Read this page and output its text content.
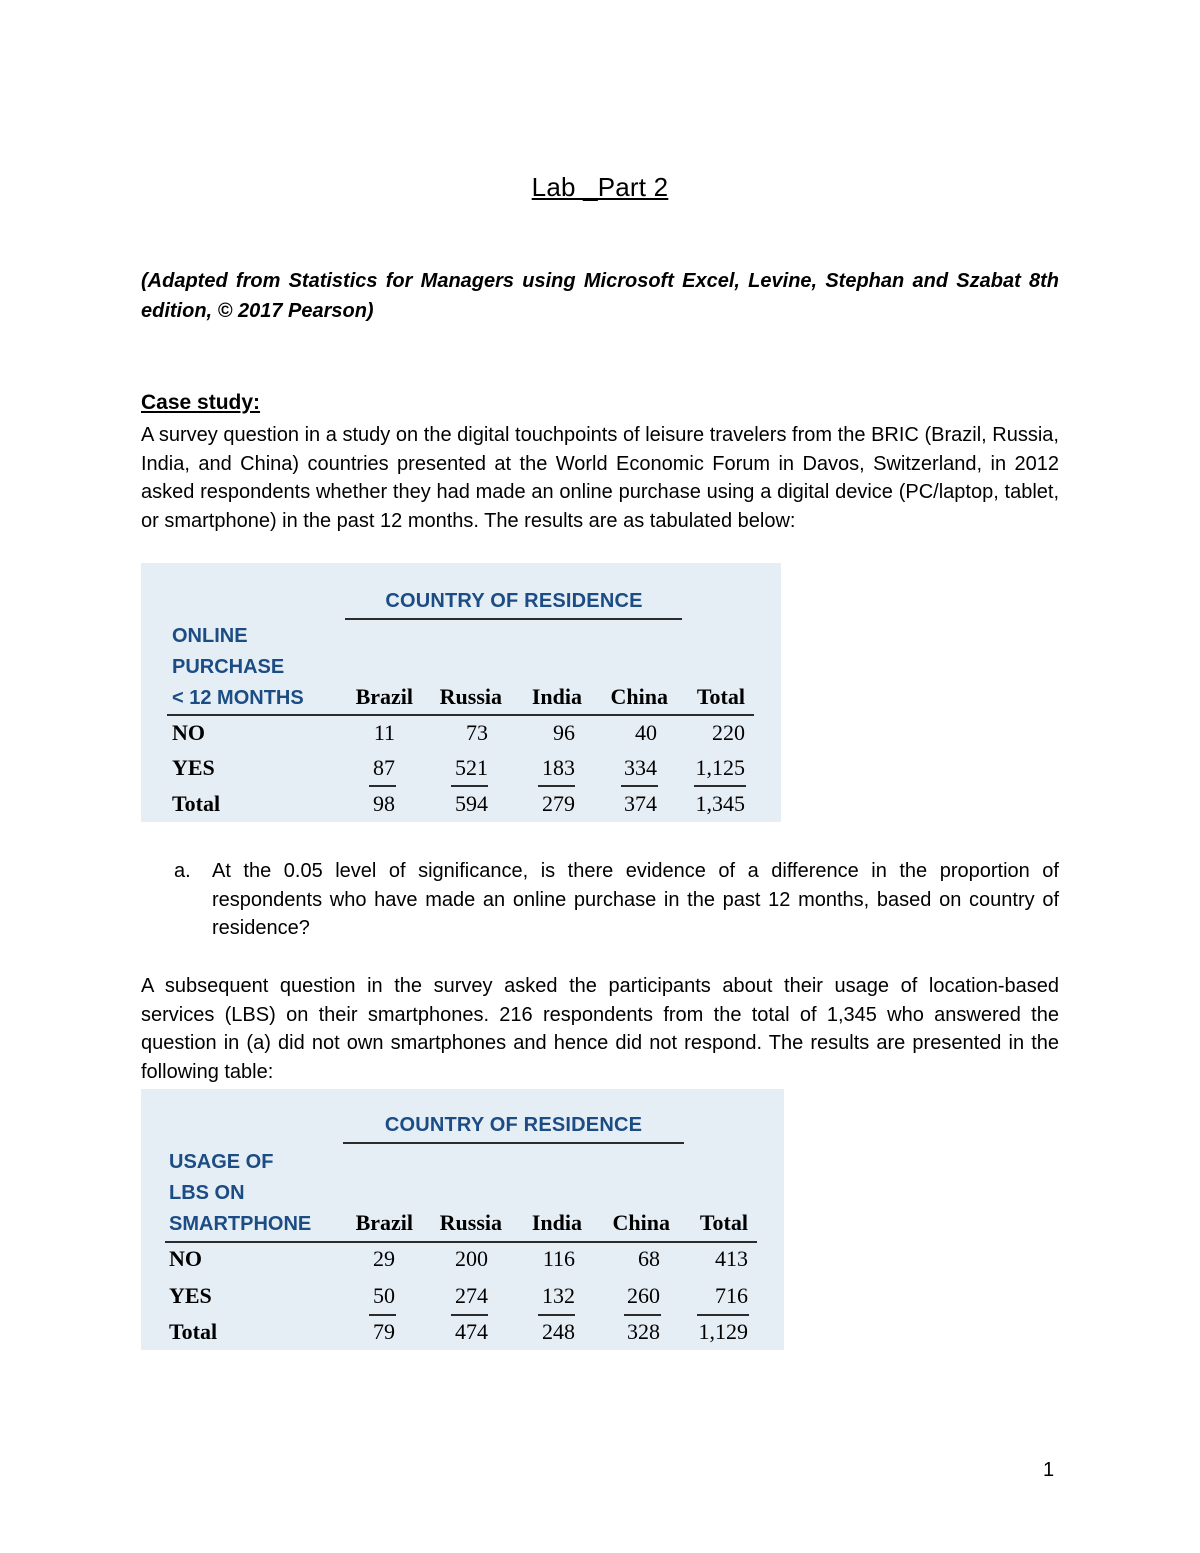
Lab _Part 2
(Adapted from Statistics for Managers using Microsoft Excel, Levine, Stephan and Szabat 8th edition, © 2017 Pearson)
Case study:
A survey question in a study on the digital touchpoints of leisure travelers from the BRIC (Brazil, Russia, India, and China) countries presented at the World Economic Forum in Davos, Switzerland, in 2012 asked respondents whether they had made an online purchase using a digital device (PC/laptop, tablet, or smartphone) in the past 12 months. The results are as tabulated below:
COUNTRY OF RESIDENCE
ONLINE
PURCHASE
< 12 MONTHS	Brazil	Russia	India	China	Total
NO	11	73	96	40	220
YES	87	521	183	334	1,125
Total	98	594	279	374	1,345
a. At the 0.05 level of significance, is there evidence of a difference in the proportion of respondents who have made an online purchase in the past 12 months, based on country of residence?
A subsequent question in the survey asked the participants about their usage of location-based services (LBS) on their smartphones. 216 respondents from the total of 1,345 who answered the question in (a) did not own smartphones and hence did not respond. The results are presented in the following table:
COUNTRY OF RESIDENCE
USAGE OF
LBS ON
SMARTPHONE	Brazil	Russia	India	China	Total
NO	29	200	116	68	413
YES	50	274	132	260	716
Total	79	474	248	328	1,129
1
